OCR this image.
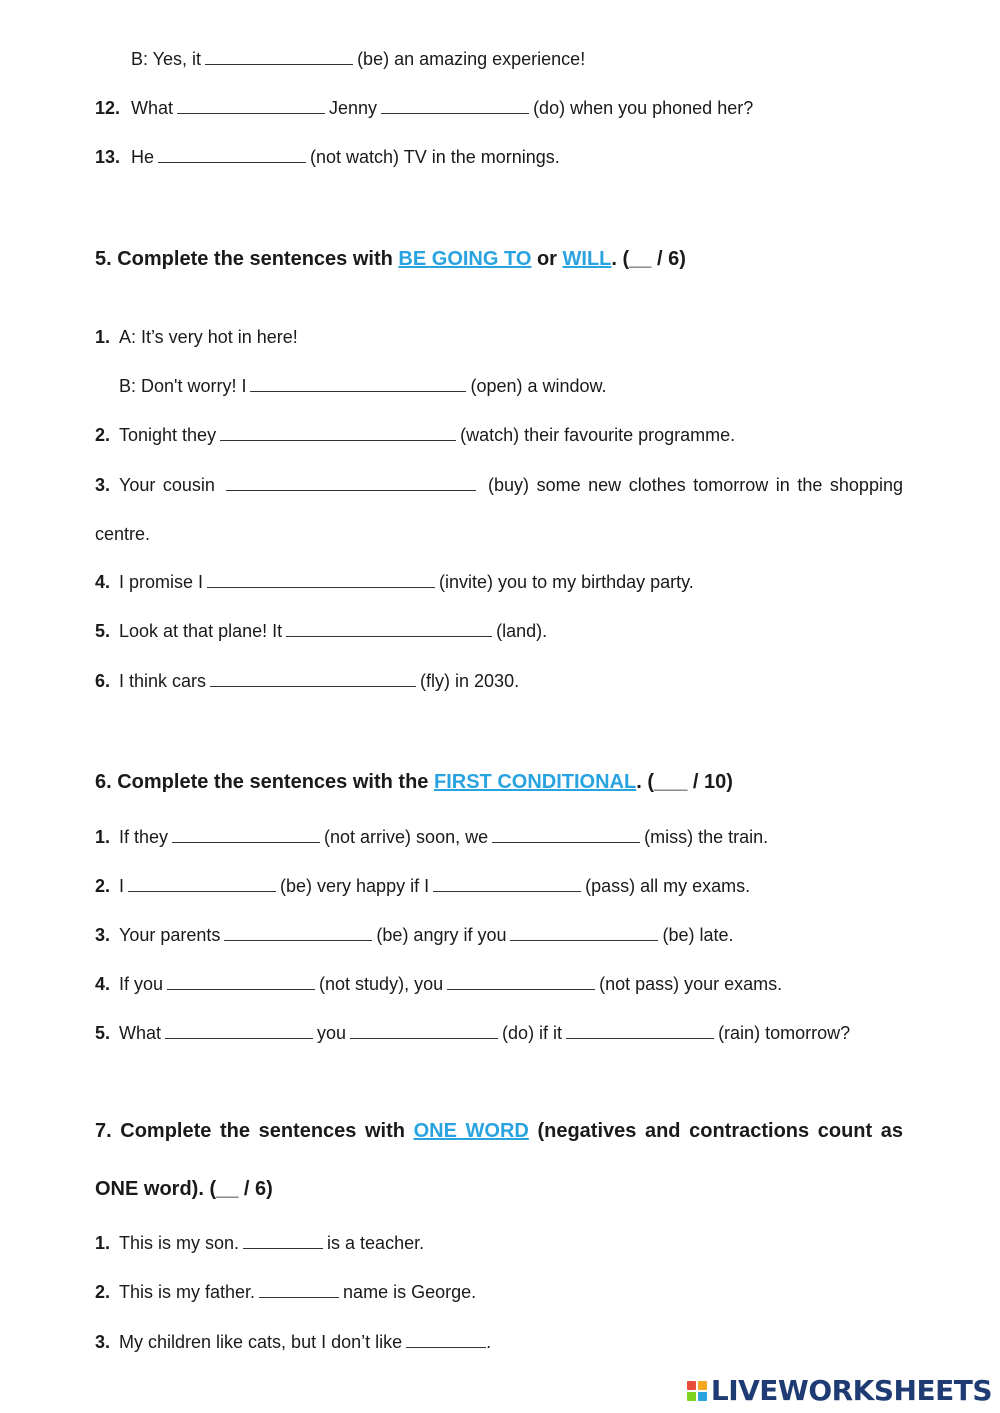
B: Yes, it	(be) an amazing experience!
12. What	Jenny	(do) when you phoned her?
13. He	(not watch) TV in the mornings.
5. Complete the sentences with BE GOING TO or WILL. (__ / 6)
1. A: It’s very hot in here!
B: Don't worry! I	(open) a window.
2. Tonight they	(watch) their favourite programme.
3. Your cousin	(buy) some new clothes tomorrow in the shopping
centre.
4. I promise I	(invite) you to my birthday party.
5. Look at that plane! It	(land).
6. I think cars	(fly) in 2030.
6. Complete the sentences with the FIRST CONDITIONAL. (___ / 10)
1. If they	(not arrive) soon, we	(miss) the train.
2. I	(be) very happy if I	(pass) all my exams.
3. Your parents	(be) angry if you	(be) late.
4. If you	(not study), you	(not pass) your exams.
5. What	you	(do) if it	(rain) tomorrow?
7. Complete the sentences with ONE WORD (negatives and contractions count as
ONE word). (__ / 6)
1. This is my son.	is a teacher.
2. This is my father.	name is George.
3. My children like cats, but I don’t like	.
LIVEWORKSHEETS
